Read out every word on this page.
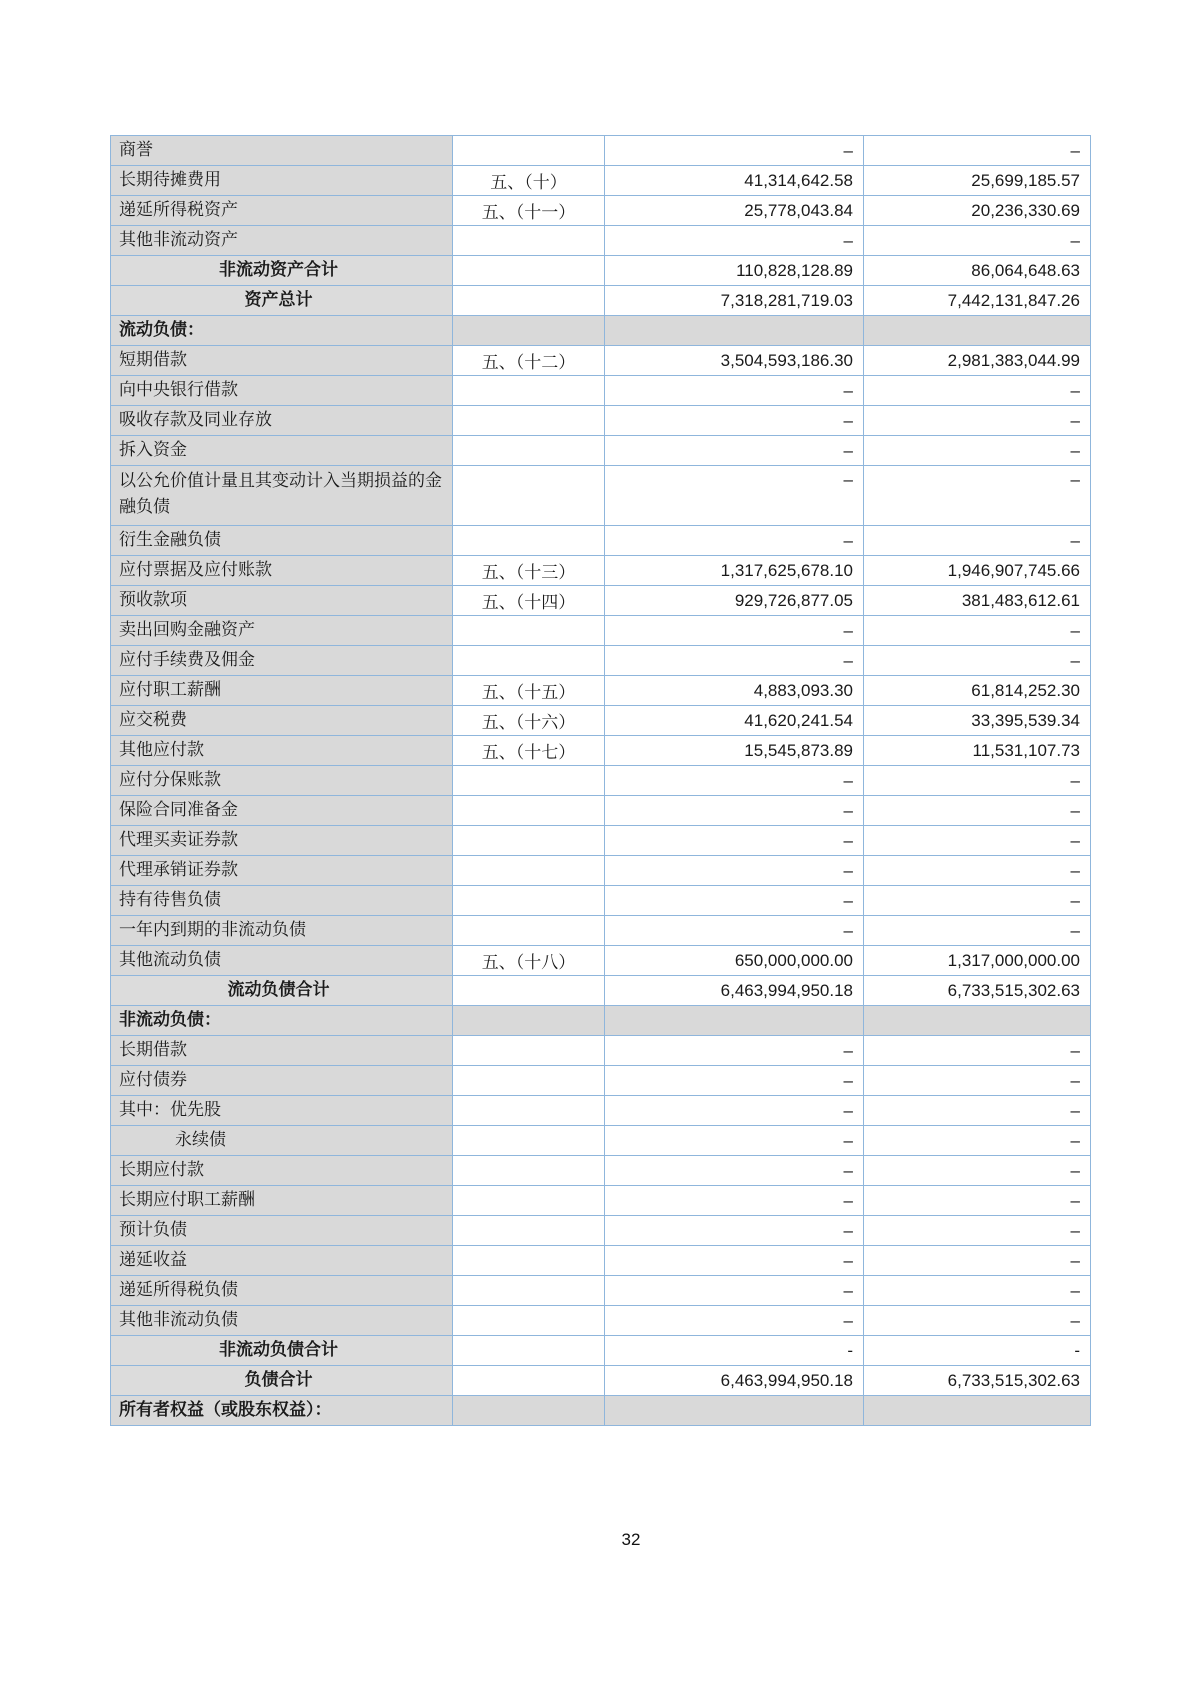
商誉		–	–
长期待摊费用	五、（十）	41,314,642.58	25,699,185.57
递延所得税资产	五、（十一）	25,778,043.84	20,236,330.69
其他非流动资产		–	–
非流动资产合计		110,828,128.89	86,064,648.63
资产总计		7,318,281,719.03	7,442,131,847.26
流动负债：			
短期借款	五、（十二）	3,504,593,186.30	2,981,383,044.99
向中央银行借款		–	–
吸收存款及同业存放		–	–
拆入资金		–	–
以公允价值计量且其变动计入当期损益的金融负债		–	–
衍生金融负债		–	–
应付票据及应付账款	五、（十三）	1,317,625,678.10	1,946,907,745.66
预收款项	五、（十四）	929,726,877.05	381,483,612.61
卖出回购金融资产		–	–
应付手续费及佣金		–	–
应付职工薪酬	五、（十五）	4,883,093.30	61,814,252.30
应交税费	五、（十六）	41,620,241.54	33,395,539.34
其他应付款	五、（十七）	15,545,873.89	11,531,107.73
应付分保账款		–	–
保险合同准备金		–	–
代理买卖证券款		–	–
代理承销证券款		–	–
持有待售负债		–	–
一年内到期的非流动负债		–	–
其他流动负债	五、（十八）	650,000,000.00	1,317,000,000.00
流动负债合计		6,463,994,950.18	6,733,515,302.63
非流动负债：			
长期借款		–	–
应付债券		–	–
其中：优先股		–	–
永续债		–	–
长期应付款		–	–
长期应付职工薪酬		–	–
预计负债		–	–
递延收益		–	–
递延所得税负债		–	–
其他非流动负债		–	–
非流动负债合计		-	-
负债合计		6,463,994,950.18	6,733,515,302.63
所有者权益（或股东权益）：			
32
